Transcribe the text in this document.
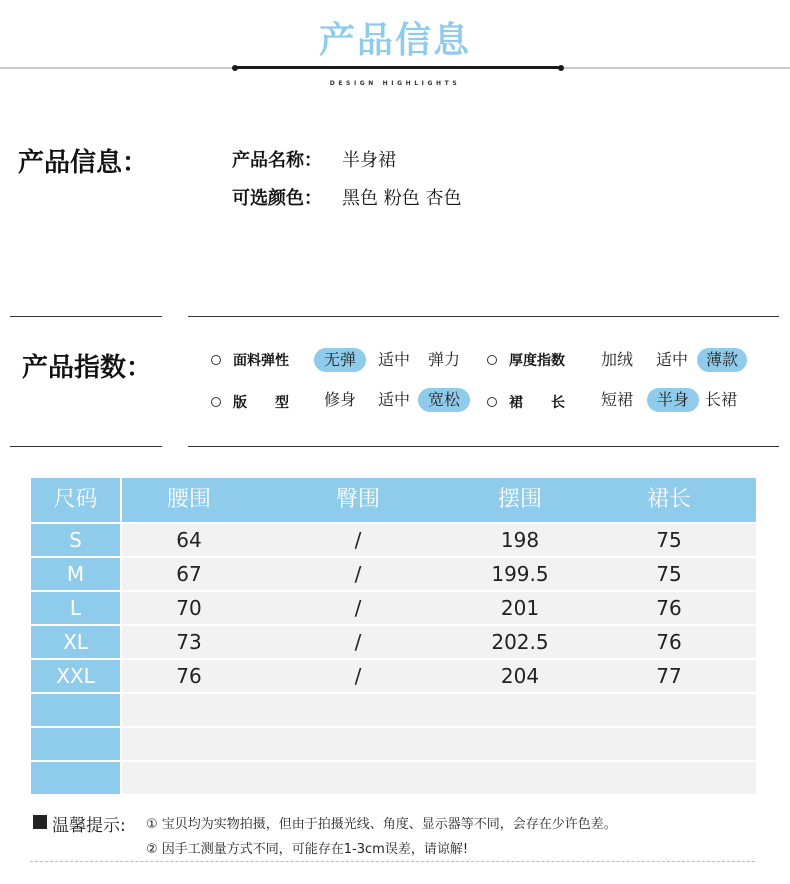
产品信息
DESIGN HIGHLIGHTS
产品信息：	产品名称： 半身裙
可选颜色： 黑色 粉色 杏色
产品指数：	面料弹性	无弹	适中	弹力	厚度指数	加绒	适中	薄款
版　　型	修身	适中	宽松	裙　　长	短裙	半身 长裙
尺码	腰围	臀围	摆围	裙长
S	64	/	198	75
M	67	/	199.5	75
L	70	/	201	76
XL	73	/	202.5	76
XXL	76	/	204	77
温馨提示: ① 宝贝均为实物拍摄，但由于拍摄光线、角度、显示器等不同，会存在少许色差。
② 因手工测量方式不同，可能存在1-3cm误差，请谅解!
